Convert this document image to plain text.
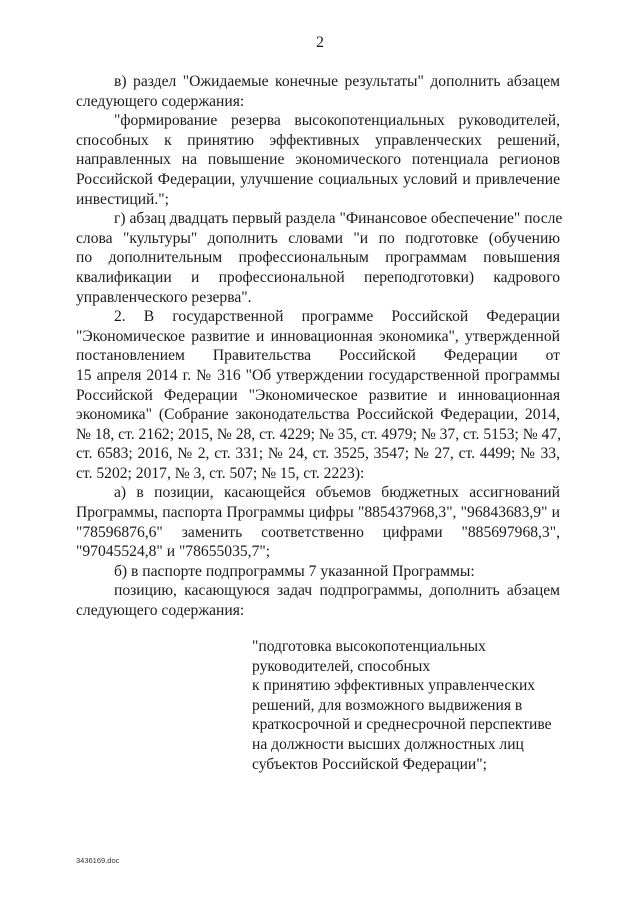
2
в) раздел "Ожидаемые конечные результаты" дополнить абзацем
следующего содержания:
"формирование резерва высокопотенциальных руководителей,
способных к принятию эффективных управленческих решений,
направленных на повышение экономического потенциала регионов
Российской Федерации, улучшение социальных условий и привлечение
инвестиций.";
г) абзац двадцать первый раздела "Финансовое обеспечение" после
слова "культуры" дополнить словами "и по подготовке (обучению
по дополнительным профессиональным программам повышения
квалификации и профессиональной переподготовки) кадрового
управленческого резерва".
2. В государственной программе Российской Федерации
"Экономическое развитие и инновационная экономика", утвержденной
постановлением Правительства Российской Федерации от
15 апреля 2014 г. № 316 "Об утверждении государственной программы
Российской Федерации "Экономическое развитие и инновационная
экономика" (Собрание законодательства Российской Федерации, 2014,
№ 18, ст. 2162; 2015, № 28, ст. 4229; № 35, ст. 4979; № 37, ст. 5153; № 47,
ст. 6583; 2016, № 2, ст. 331; № 24, ст. 3525, 3547; № 27, ст. 4499; № 33,
ст. 5202; 2017, № 3, ст. 507; № 15, ст. 2223):
а) в позиции, касающейся объемов бюджетных ассигнований
Программы, паспорта Программы цифры "885437968,3", "96843683,9" и
"78596876,6" заменить соответственно цифрами "885697968,3",
"97045524,8" и "78655035,7";
б) в паспорте подпрограммы 7 указанной Программы:
позицию, касающуюся задач подпрограммы, дополнить абзацем
следующего содержания:
"подготовка высокопотенциальных
руководителей, способных
к принятию эффективных управленческих
решений, для возможного выдвижения в
краткосрочной и среднесрочной перспективе
на должности высших должностных лиц
субъектов Российской Федерации";
3436169.doc
